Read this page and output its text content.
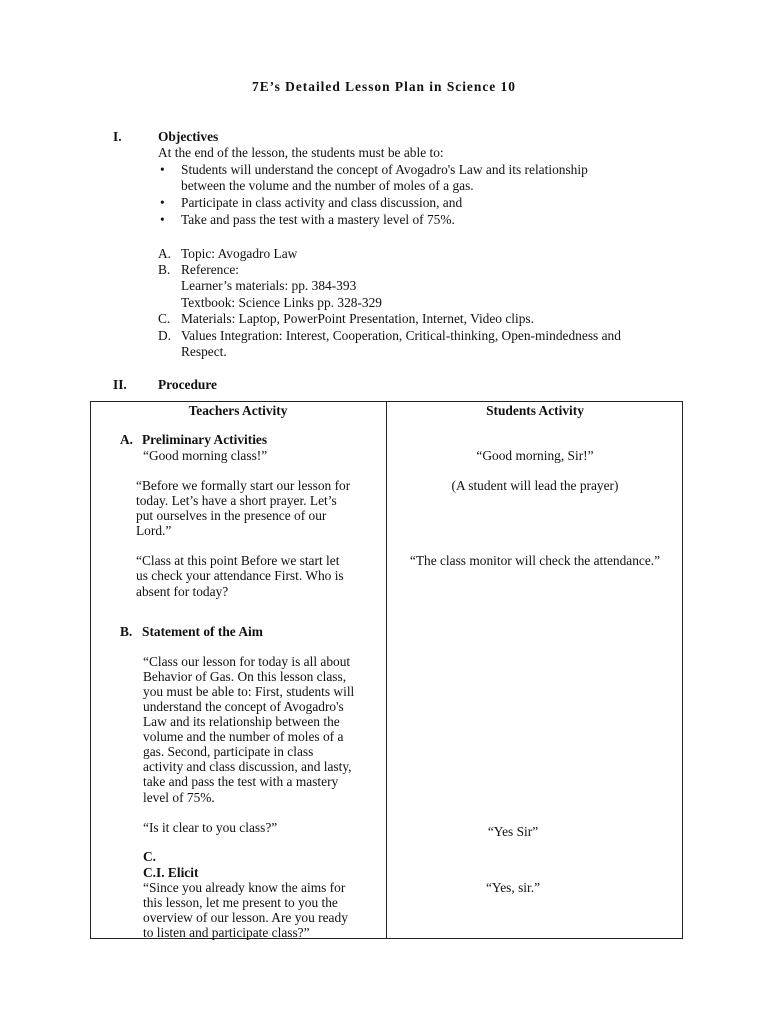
7E’s Detailed Lesson Plan in Science 10
I.	Objectives
At the end of the lesson, the students must be able to:
• Students will understand the concept of Avogadro's Law and its relationship
between the volume and the number of moles of a gas.
• Participate in class activity and class discussion, and
• Take and pass the test with a mastery level of 75%.
A. Topic: Avogadro Law
B. Reference:
Learner’s materials: pp. 384-393
Textbook: Science Links pp. 328-329
C. Materials: Laptop, PowerPoint Presentation, Internet, Video clips.
D. Values Integration: Interest, Cooperation, Critical-thinking, Open-mindedness and
Respect.
II. Procedure
Teachers Activity	Students Activity
A. Preliminary Activities
“Good morning class!”
“Before we formally start our lesson for
today. Let’s have a short prayer. Let’s
put ourselves in the presence of our
Lord.”
“Class at this point Before we start let
us check your attendance First. Who is
absent for today?
B. Statement of the Aim
“Class our lesson for today is all about
Behavior of Gas. On this lesson class,
you must be able to: First, students will
understand the concept of Avogadro's
Law and its relationship between the
volume and the number of moles of a
gas. Second, participate in class
activity and class discussion, and lasty,
take and pass the test with a mastery
level of 75%.
“Is it clear to you class?”
C.
C.I. Elicit
“Since you already know the aims for
this lesson, let me present to you the
overview of our lesson. Are you ready
to listen and participate class?”
“Good morning, Sir!”
(A student will lead the prayer)
“The class monitor will check the attendance.”
“Yes Sir”
“Yes, sir.”
